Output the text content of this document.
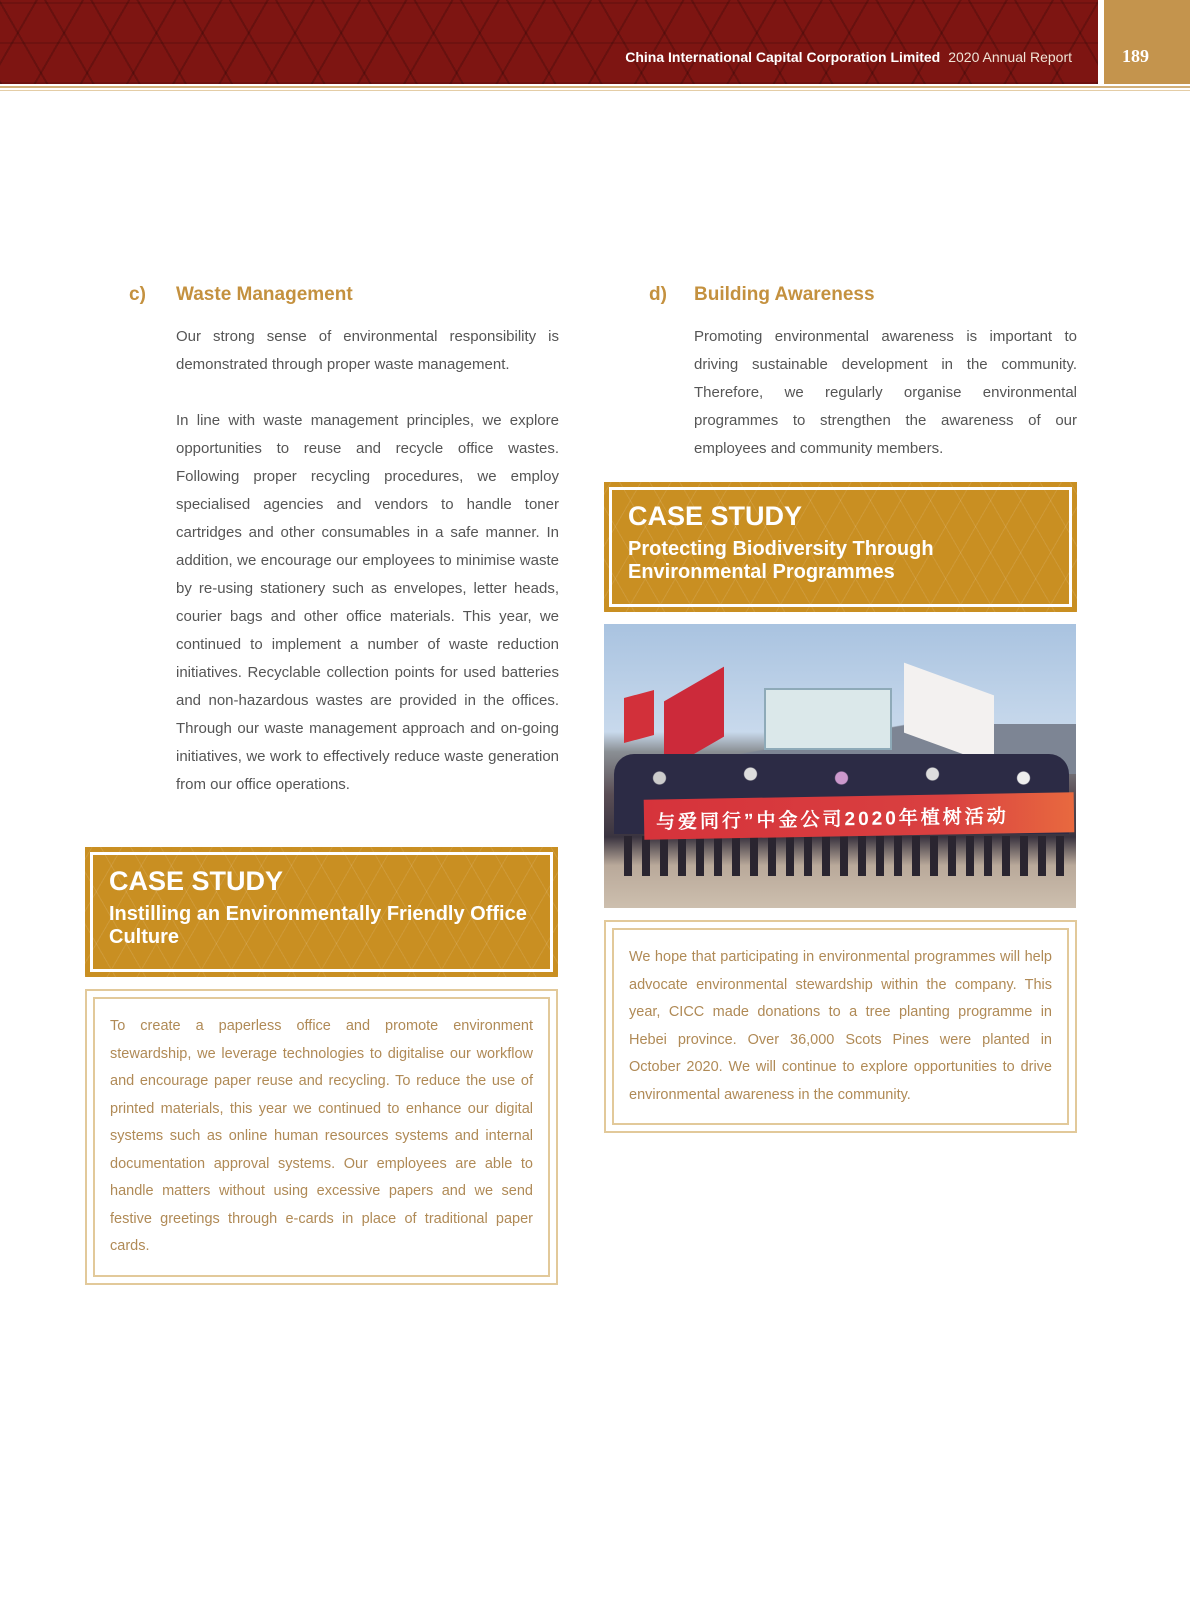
China International Capital Corporation Limited 2020 Annual Report	189
c) Waste Management

Our strong sense of environmental responsibility is demonstrated through proper waste management.

In line with waste management principles, we explore opportunities to reuse and recycle office wastes. Following proper recycling procedures, we employ specialised agencies and vendors to handle toner cartridges and other consumables in a safe manner. In addition, we encourage our employees to minimise waste by re-using stationery such as envelopes, letter heads, courier bags and other office materials. This year, we continued to implement a number of waste reduction initiatives. Recyclable collection points for used batteries and non-hazardous wastes are provided in the offices. Through our waste management approach and on-going initiatives, we work to effectively reduce waste generation from our office operations.

CASE STUDY
Instilling an Environmentally Friendly Office Culture
To create a paperless office and promote environment stewardship, we leverage technologies to digitalise our workflow and encourage paper reuse and recycling. To reduce the use of printed materials, this year we continued to enhance our digital systems such as online human resources systems and internal documentation approval systems. Our employees are able to handle matters without using excessive papers and we send festive greetings through e-cards in place of traditional paper cards.
d) Building Awareness

Promoting environmental awareness is important to driving sustainable development in the community. Therefore, we regularly organise environmental programmes to strengthen the awareness of our employees and community members.

CASE STUDY
Protecting Biodiversity Through Environmental Programmes
与爱同行”中金公司2020年植树活动
We hope that participating in environmental programmes will help advocate environmental stewardship within the company. This year, CICC made donations to a tree planting programme in Hebei province. Over 36,000 Scots Pines were planted in October 2020. We will continue to explore opportunities to drive environmental awareness in the community.
